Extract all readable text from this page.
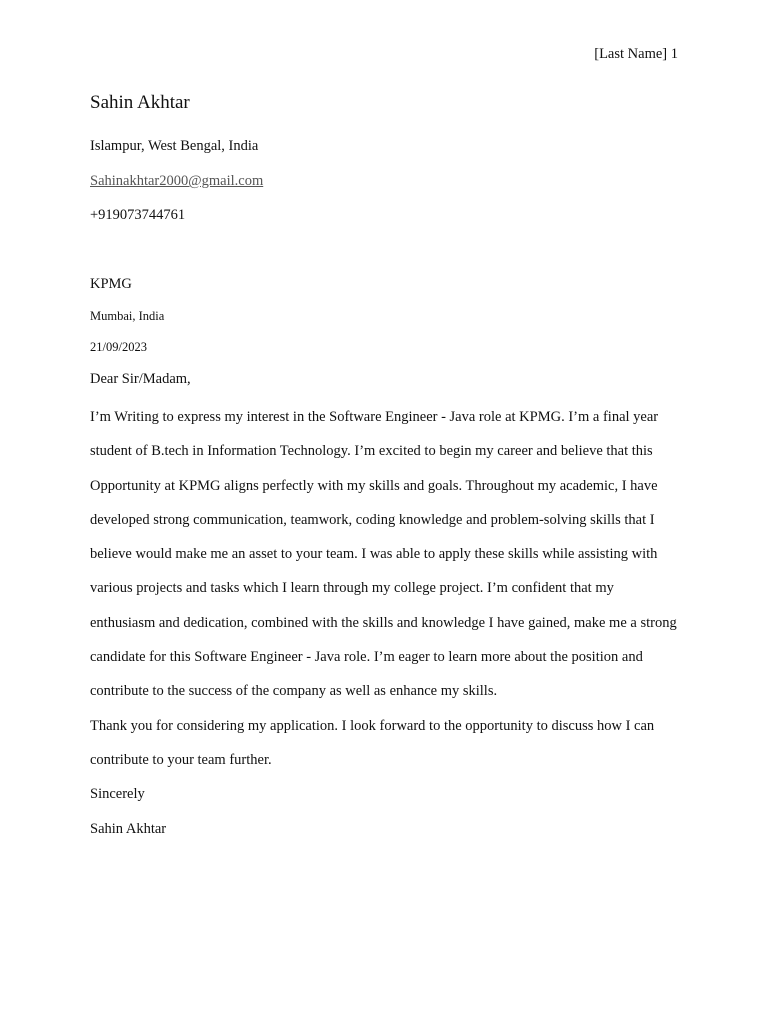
[Last Name] 1
Sahin Akhtar
Islampur, West Bengal, India
Sahinakhtar2000@gmail.com
+919073744761
KPMG
Mumbai, India
21/09/2023
Dear Sir/Madam,

I’m Writing to express my interest in the Software Engineer - Java role at KPMG. I’m a final year student of B.tech in Information Technology. I’m excited to begin my career and believe that this Opportunity at KPMG aligns perfectly with my skills and goals. Throughout my academic, I have developed strong communication, teamwork, coding knowledge and problem-solving skills that I believe would make me an asset to your team. I was able to apply these skills while assisting with various projects and tasks which I learn through my college project. I’m confident that my enthusiasm and dedication, combined with the skills and knowledge I have gained, make me a strong candidate for this Software Engineer - Java role. I’m eager to learn more about the position and contribute to the success of the company as well as enhance my skills.

Thank you for considering my application. I look forward to the opportunity to discuss how I can contribute to your team further.

Sincerely

Sahin Akhtar
